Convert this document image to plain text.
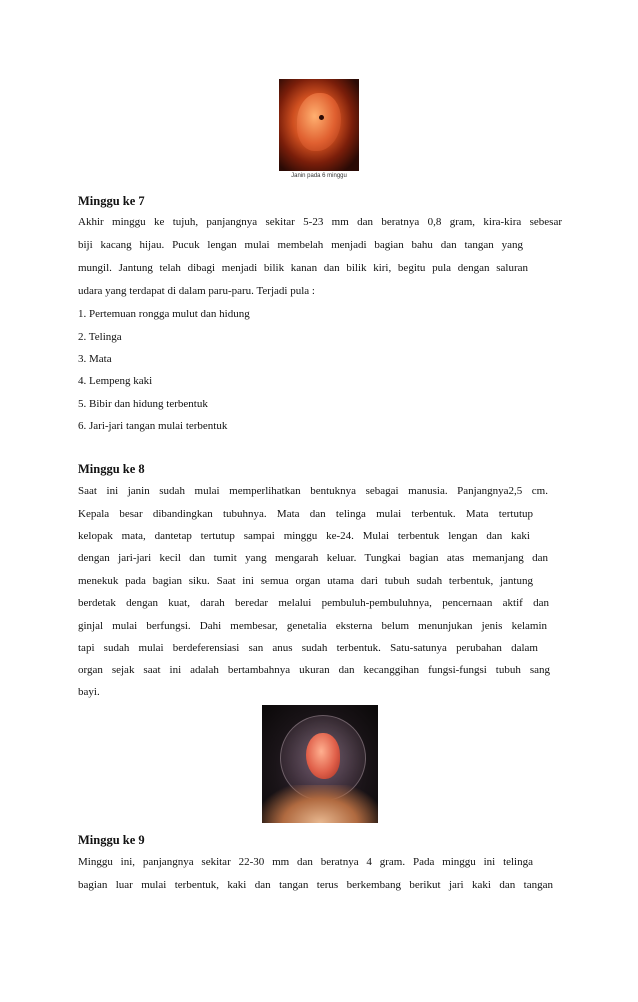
Janin pada 6 minggu
Minggu ke 7
Akhir minggu ke tujuh, panjangnya sekitar 5-23 mm dan beratnya 0,8 gram, kira-kira sebesar
biji kacang hijau. Pucuk lengan mulai membelah menjadi bagian bahu dan tangan yang
mungil. Jantung telah dibagi menjadi bilik kanan dan bilik kiri, begitu pula dengan saluran
udara yang terdapat di dalam paru-paru. Terjadi pula :
1. Pertemuan rongga mulut dan hidung
2. Telinga
3. Mata
4. Lempeng kaki
5. Bibir dan hidung terbentuk
6. Jari-jari tangan mulai terbentuk
Minggu ke 8
Saat ini janin sudah mulai memperlihatkan bentuknya sebagai manusia. Panjangnya2,5 cm.
Kepala besar dibandingkan tubuhnya. Mata dan telinga mulai terbentuk. Mata tertutup
kelopak mata, dantetap tertutup sampai minggu ke-24. Mulai terbentuk lengan dan kaki
dengan jari-jari kecil dan tumit yang mengarah keluar. Tungkai bagian atas memanjang dan
menekuk pada bagian siku. Saat ini semua organ utama dari tubuh sudah terbentuk, jantung
berdetak dengan kuat, darah beredar melalui pembuluh-pembuluhnya, pencernaan aktif dan
ginjal mulai berfungsi. Dahi membesar, genetalia eksterna belum menunjukan jenis kelamin
tapi sudah mulai berdeferensiasi san anus sudah terbentuk. Satu-satunya perubahan dalam
organ sejak saat ini adalah bertambahnya ukuran dan kecanggihan fungsi-fungsi tubuh sang
bayi.
Minggu ke 9
Minggu ini, panjangnya sekitar 22-30 mm dan beratnya 4 gram. Pada minggu ini telinga
bagian luar mulai terbentuk, kaki dan tangan terus berkembang berikut jari kaki dan tangan
